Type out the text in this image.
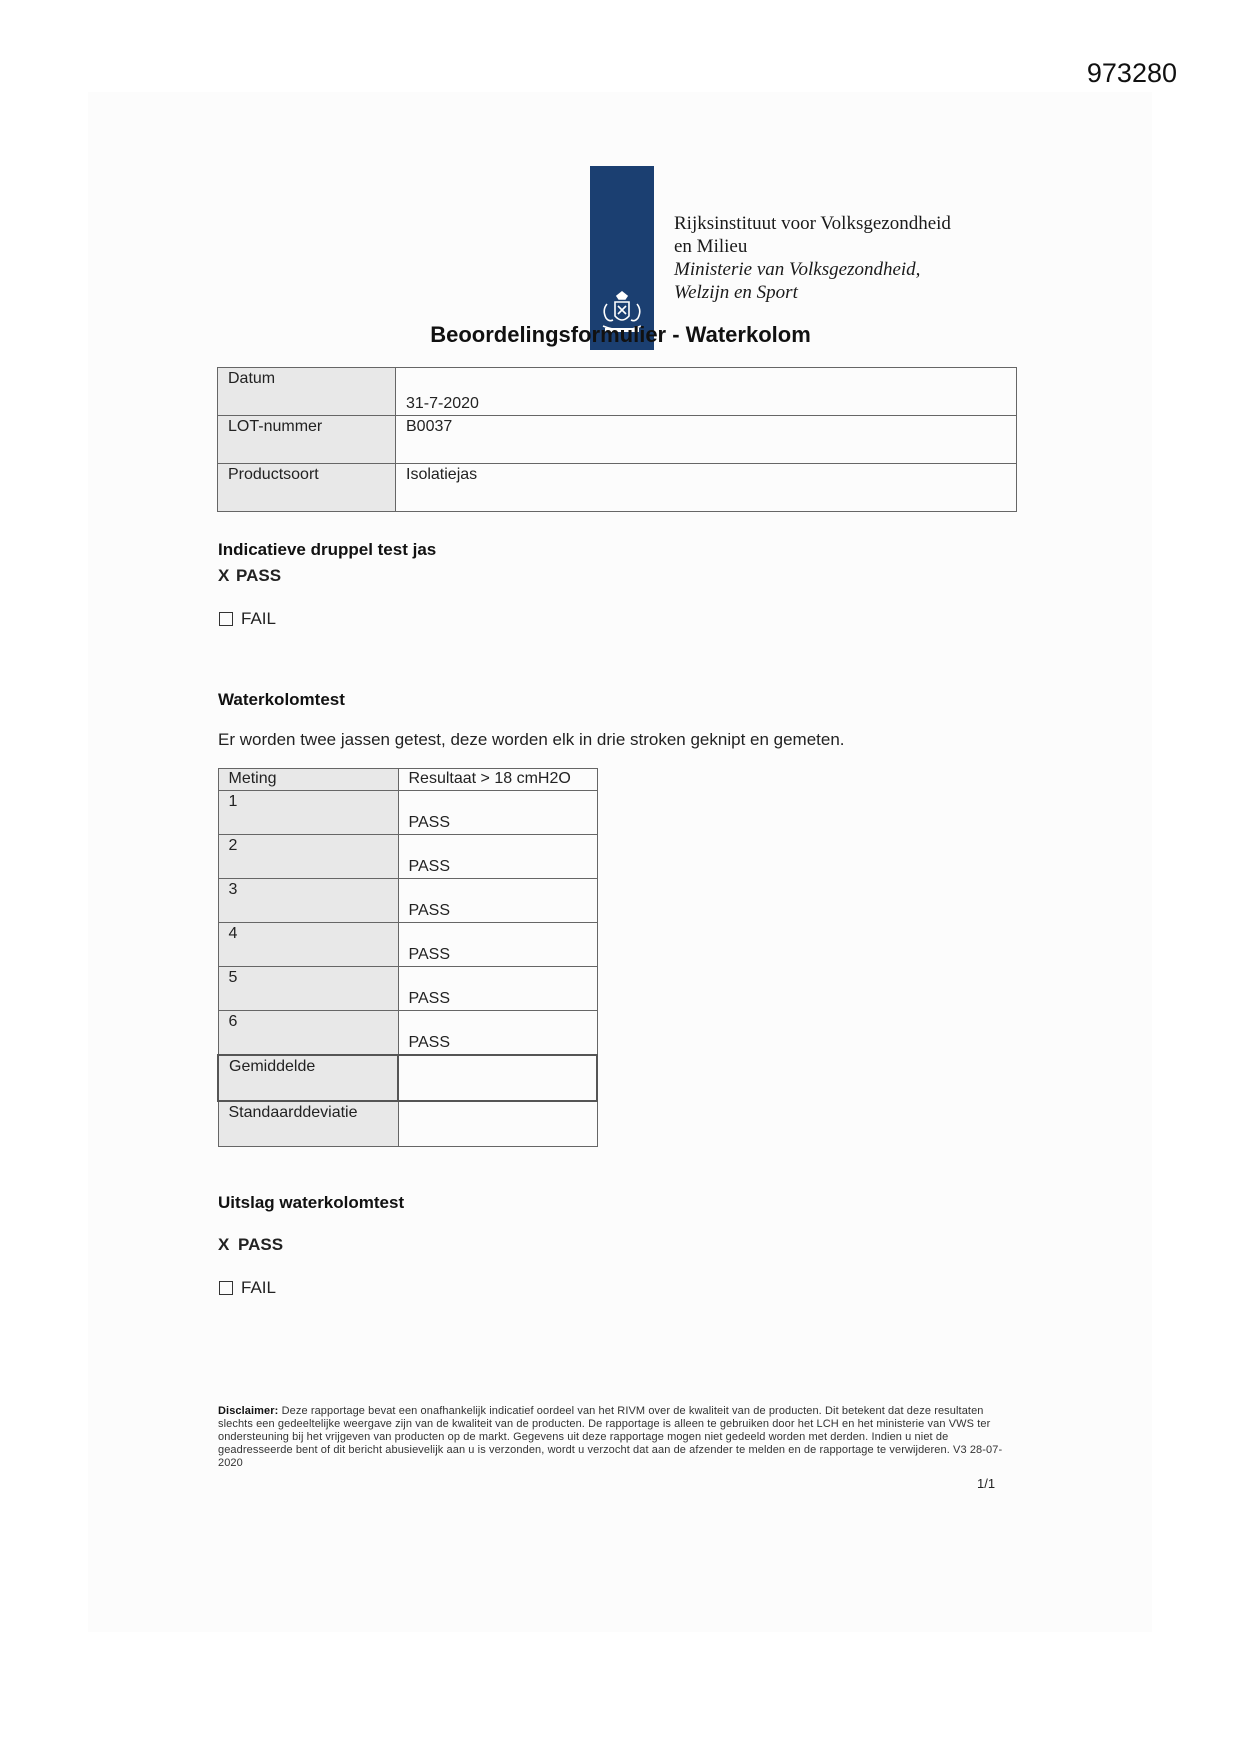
973280
Rijksinstituut voor Volksgezondheid
en Milieu
Ministerie van Volksgezondheid,
Welzijn en Sport
Beoordelingsformulier - Waterkolom
Datum	31-7-2020

LOT-nummer	B0037

Productsoort	Isolatiejas
Indicatieve druppel test jas
X PASS
FAIL
Waterkolomtest
Er worden twee jassen getest, deze worden elk in drie stroken geknipt en gemeten.
Meting	Resultaat > 18 cmH2O

1	PASS

2	PASS

3	PASS

4	PASS

5	PASS

6	PASS

Gemiddelde	

Standaarddeviatie	

Uitslag waterkolomtest
X PASS
FAIL
Disclaimer: Deze rapportage bevat een onafhankelijk indicatief oordeel van het RIVM over de kwaliteit van de producten. Dit betekent dat deze resultaten slechts een gedeeltelijke weergave zijn van de kwaliteit van de producten. De rapportage is alleen te gebruiken door het LCH en het ministerie van VWS ter ondersteuning bij het vrijgeven van producten op de markt. Gegevens uit deze rapportage mogen niet gedeeld worden met derden. Indien u niet de geadresseerde bent of dit bericht abusievelijk aan u is verzonden, wordt u verzocht dat aan de afzender te melden en de rapportage te verwijderen. V3 28-07-2020
1/1
